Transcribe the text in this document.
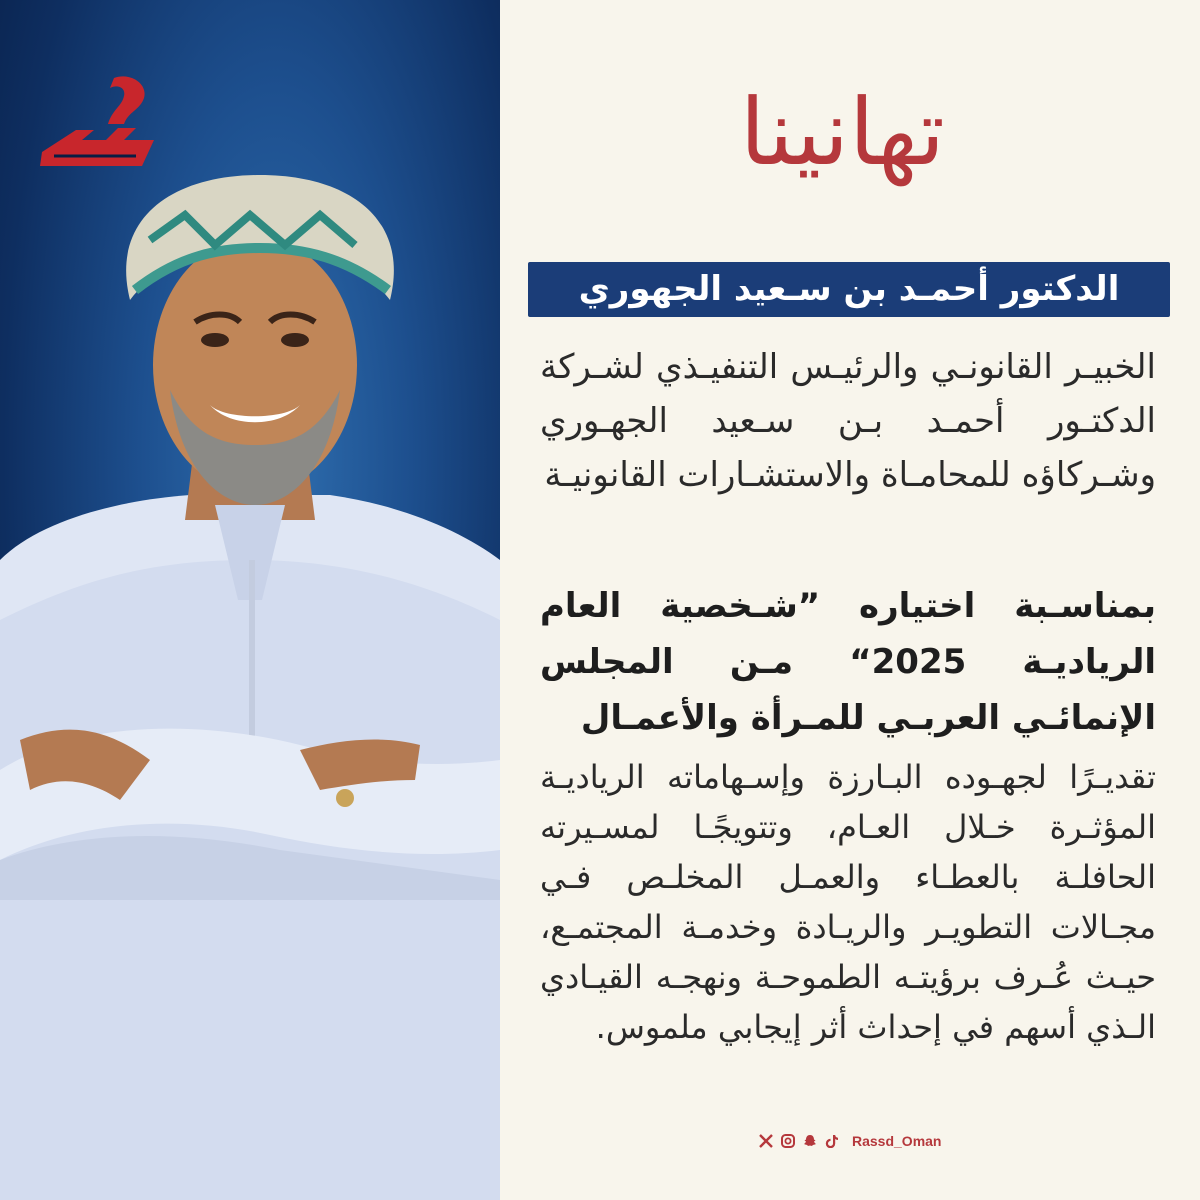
تهانينا
الدكتور أحمـد بن سـعيد الجهوري

الخبيـر القانونـي والرئيـس التنفيـذي لشـركة الدكتـور أحمـد بـن سـعيد الجهـوري وشـركاؤه للمحامـاة والاستشـارات القانونيـة

بمناسـبة اختياره ”شـخصية العام الرياديـة 2025“ مـن المجلس الإنمائـي العربـي للمـرأة والأعمـال

تقديـرًا لجهـوده البـارزة وإسـهاماته الرياديـة المؤثـرة خـلال العـام، وتتويجًـا لمسـيرته الحافلـة بالعطـاء والعمـل المخلـص فـي مجـالات التطويـر والريـادة وخدمـة المجتمـع، حيـث عُـرف برؤيتـه الطموحـة ونهجـه القيـادي الـذي أسهم في إحداث أثر إيجابي ملموس.

Rassd_Oman
